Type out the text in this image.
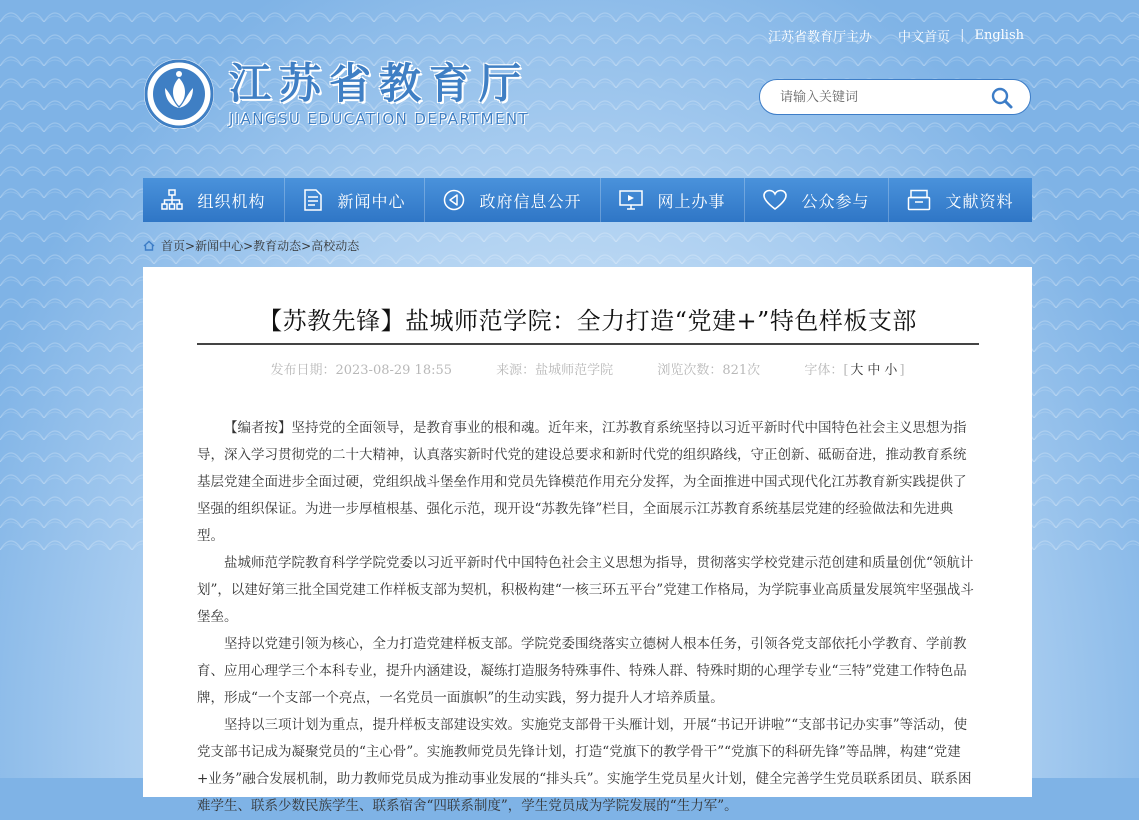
江苏省教育厅主办 中文首页 | English
江苏省教育厅
JIANGSU EDUCATION DEPARTMENT
请输入关键词
组织机构	新闻中心	政府信息公开	网上办事	公众参与	文献资料
首页 > 新闻中心 > 教育动态 > 高校动态
【苏教先锋】盐城师范学院：全力打造“党建+”特色样板支部
发布日期：2023-08-29 18:55	来源：盐城师范学院	浏览次数：821次	字体：[ 大 中 小 ]

【编者按】坚持党的全面领导，是教育事业的根和魂。近年来，江苏教育系统坚持以习近平新时代中国特色社会主义思想为指导，深入学习贯彻党的二十大精神，认真落实新时代党的建设总要求和新时代党的组织路线，守正创新、砥砺奋进，推动教育系统基层党建全面进步全面过硬，党组织战斗堡垒作用和党员先锋模范作用充分发挥，为全面推进中国式现代化江苏教育新实践提供了坚强的组织保证。为进一步厚植根基、强化示范，现开设“苏教先锋”栏目，全面展示江苏教育系统基层党建的经验做法和先进典型。

盐城师范学院教育科学学院党委以习近平新时代中国特色社会主义思想为指导，贯彻落实学校党建示范创建和质量创优“领航计划”，以建好第三批全国党建工作样板支部为契机，积极构建“一核三环五平台”党建工作格局，为学院事业高质量发展筑牢坚强战斗堡垒。

坚持以党建引领为核心，全力打造党建样板支部。学院党委围绕落实立德树人根本任务，引领各党支部依托小学教育、学前教育、应用心理学三个本科专业，提升内涵建设，凝练打造服务特殊事件、特殊人群、特殊时期的心理学专业“三特”党建工作特色品牌，形成“一个支部一个亮点，一名党员一面旗帜”的生动实践，努力提升人才培养质量。

坚持以三项计划为重点，提升样板支部建设实效。实施党支部骨干头雁计划，开展“书记开讲啦”“支部书记办实事”等活动，使党支部书记成为凝聚党员的“主心骨”。实施教师党员先锋计划，打造“党旗下的教学骨干”“党旗下的科研先锋”等品牌，构建“党建+业务”融合发展机制，助力教师党员成为推动事业发展的“排头兵”。实施学生党员星火计划，健全完善学生党员联系团员、联系困难学生、联系少数民族学生、联系宿舍“四联系制度”，学生党员成为学院发展的“生力军”。
